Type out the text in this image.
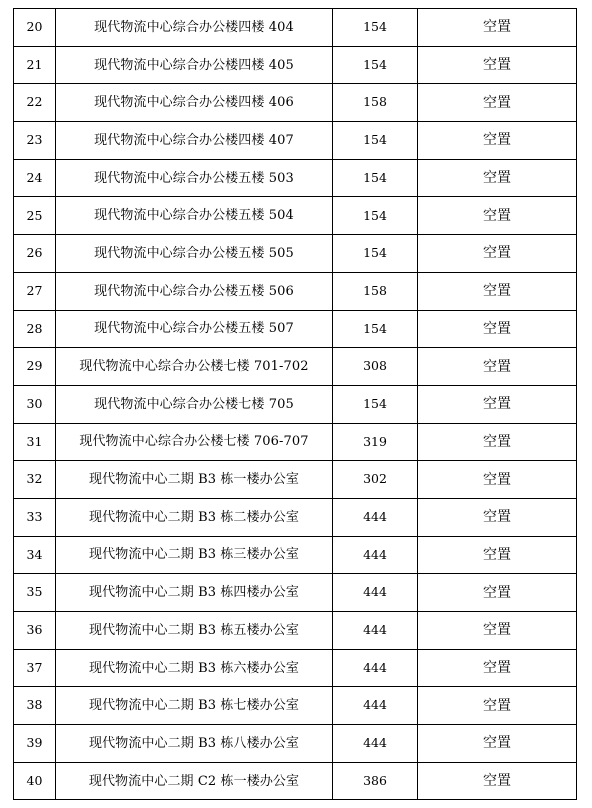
20	现代物流中心综合办公楼四楼 404	154	空置
21	现代物流中心综合办公楼四楼 405	154	空置
22	现代物流中心综合办公楼四楼 406	158	空置
23	现代物流中心综合办公楼四楼 407	154	空置
24	现代物流中心综合办公楼五楼 503	154	空置
25	现代物流中心综合办公楼五楼 504	154	空置
26	现代物流中心综合办公楼五楼 505	154	空置
27	现代物流中心综合办公楼五楼 506	158	空置
28	现代物流中心综合办公楼五楼 507	154	空置
29	现代物流中心综合办公楼七楼 701-702	308	空置
30	现代物流中心综合办公楼七楼 705	154	空置
31	现代物流中心综合办公楼七楼 706-707	319	空置
32	现代物流中心二期 B3 栋一楼办公室	302	空置
33	现代物流中心二期 B3 栋二楼办公室	444	空置
34	现代物流中心二期 B3 栋三楼办公室	444	空置
35	现代物流中心二期 B3 栋四楼办公室	444	空置
36	现代物流中心二期 B3 栋五楼办公室	444	空置
37	现代物流中心二期 B3 栋六楼办公室	444	空置
38	现代物流中心二期 B3 栋七楼办公室	444	空置
39	现代物流中心二期 B3 栋八楼办公室	444	空置
40	现代物流中心二期 C2 栋一楼办公室	386	空置
